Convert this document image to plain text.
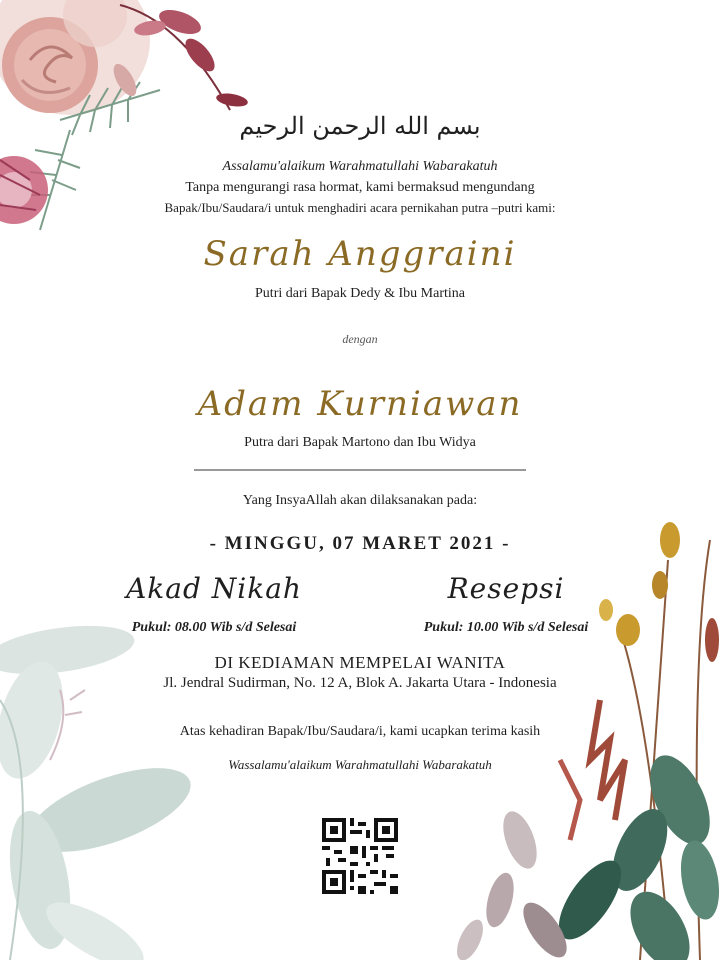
بسم الله الرحمن الرحيم

Assalamu'alaikum Warahmatullahi Wabarakatuh

Tanpa mengurangi rasa hormat, kami bermaksud mengundang

Bapak/Ibu/Saudara/i untuk menghadiri acara pernikahan putra –putri kami:

Sarah Anggraini

Putri dari Bapak Dedy & Ibu Martina

dengan

Adam Kurniawan

Putra dari Bapak Martono dan Ibu Widya

Yang InsyaAllah akan dilaksanakan pada:

- MINGGU, 07 MARET 2021 -

Akad Nikah

Pukul: 08.00 Wib s/d Selesai

Resepsi

Pukul: 10.00 Wib s/d Selesai

DI KEDIAMAN MEMPELAI WANITA

Jl. Jendral Sudirman, No. 12 A, Blok A. Jakarta Utara - Indonesia

Atas kehadiran Bapak/Ibu/Saudara/i, kami ucapkan terima kasih

Wassalamu'alaikum Warahmatullahi Wabarakatuh
